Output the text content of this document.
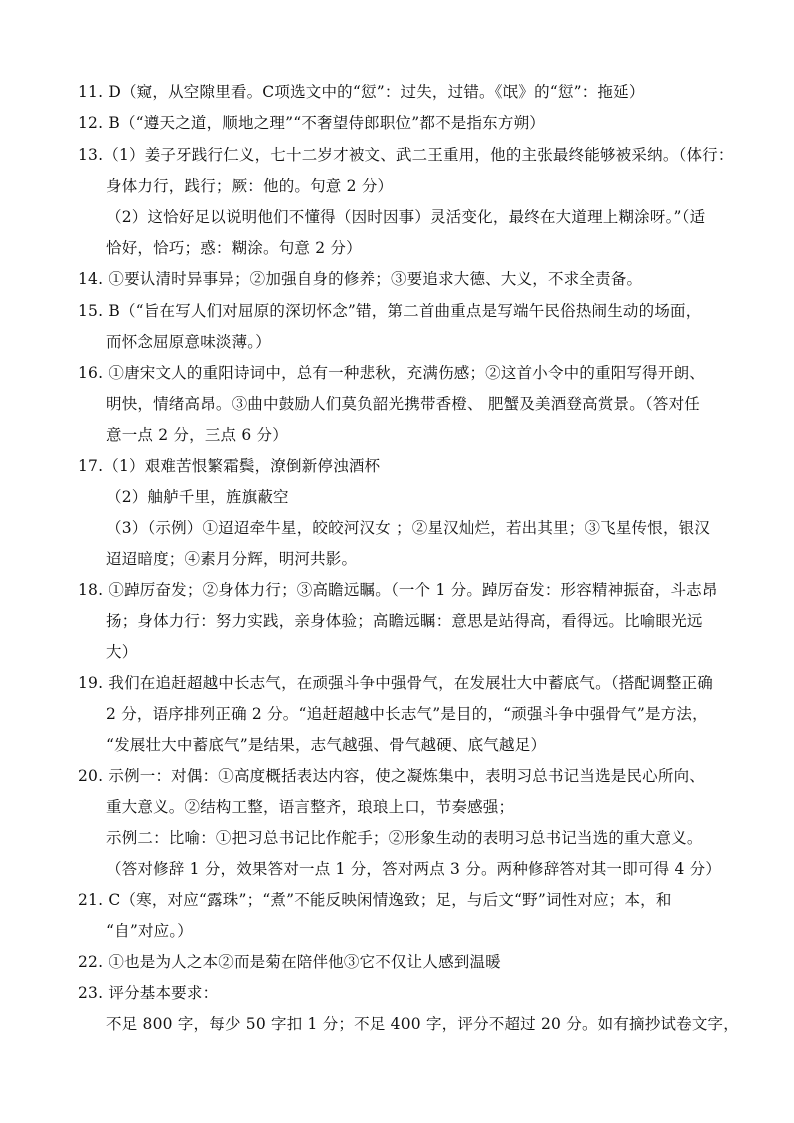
11. D（窥，从空隙里看。C项选文中的“愆”：过失，过错。《氓》的“愆”：拖延）
12. B（“遵天之道，顺地之理”“不奢望侍郎职位”都不是指东方朔）
13.（1）姜子牙践行仁义，七十二岁才被文、武二王重用，他的主张最终能够被采纳。（体行：
身体力行，践行；厥：他的。句意 2 分）
（2）这恰好足以说明他们不懂得（因时因事）灵活变化，最终在大道理上糊涂呀。”（适
恰好，恰巧；惑：糊涂。句意 2 分）
14. ①要认清时异事异；②加强自身的修养；③要追求大德、大义，不求全责备。
15. B（“旨在写人们对屈原的深切怀念”错，第二首曲重点是写端午民俗热闹生动的场面，
而怀念屈原意味淡薄。）
16. ①唐宋文人的重阳诗词中，总有一种悲秋，充满伤感；②这首小令中的重阳写得开朗、
明快，情绪高昂。③曲中鼓励人们莫负韶光携带香橙、 肥蟹及美酒登高赏景。（答对任
意一点 2 分，三点 6 分）
17.（1）艰难苦恨繁霜鬓，潦倒新停浊酒杯
（2）舳舻千里，旌旗蔽空
（3）（示例）①迢迢牵牛星，皎皎河汉女 ；②星汉灿烂，若出其里；③飞星传恨，银汉
迢迢暗度；④素月分辉，明河共影。
18. ①踔厉奋发；②身体力行；③高瞻远瞩。（一个 1 分。踔厉奋发：形容精神振奋，斗志昂
扬；身体力行：努力实践，亲身体验；高瞻远瞩：意思是站得高，看得远。比喻眼光远
大）
19. 我们在追赶超越中长志气，在顽强斗争中强骨气，在发展壮大中蓄底气。（搭配调整正确
2 分，语序排列正确 2 分。“追赶超越中长志气”是目的，“顽强斗争中强骨气”是方法，
“发展壮大中蓄底气”是结果，志气越强、骨气越硬、底气越足）
20. 示例一：对偶：①高度概括表达内容，使之凝炼集中，表明习总书记当选是民心所向、
重大意义。②结构工整，语言整齐，琅琅上口，节奏感强；
示例二：比喻：①把习总书记比作舵手；②形象生动的表明习总书记当选的重大意义。
（答对修辞 1 分，效果答对一点 1 分，答对两点 3 分。两种修辞答对其一即可得 4 分）
21. C（寒，对应“露珠”；“煮”不能反映闲情逸致；足，与后文“野”词性对应；本，和
“自”对应。）
22. ①也是为人之本②而是菊在陪伴他③它不仅让人感到温暖
23. 评分基本要求：
不足 800 字，每少 50 字扣 1 分；不足 400 字，评分不超过 20 分。如有摘抄试卷文字，
